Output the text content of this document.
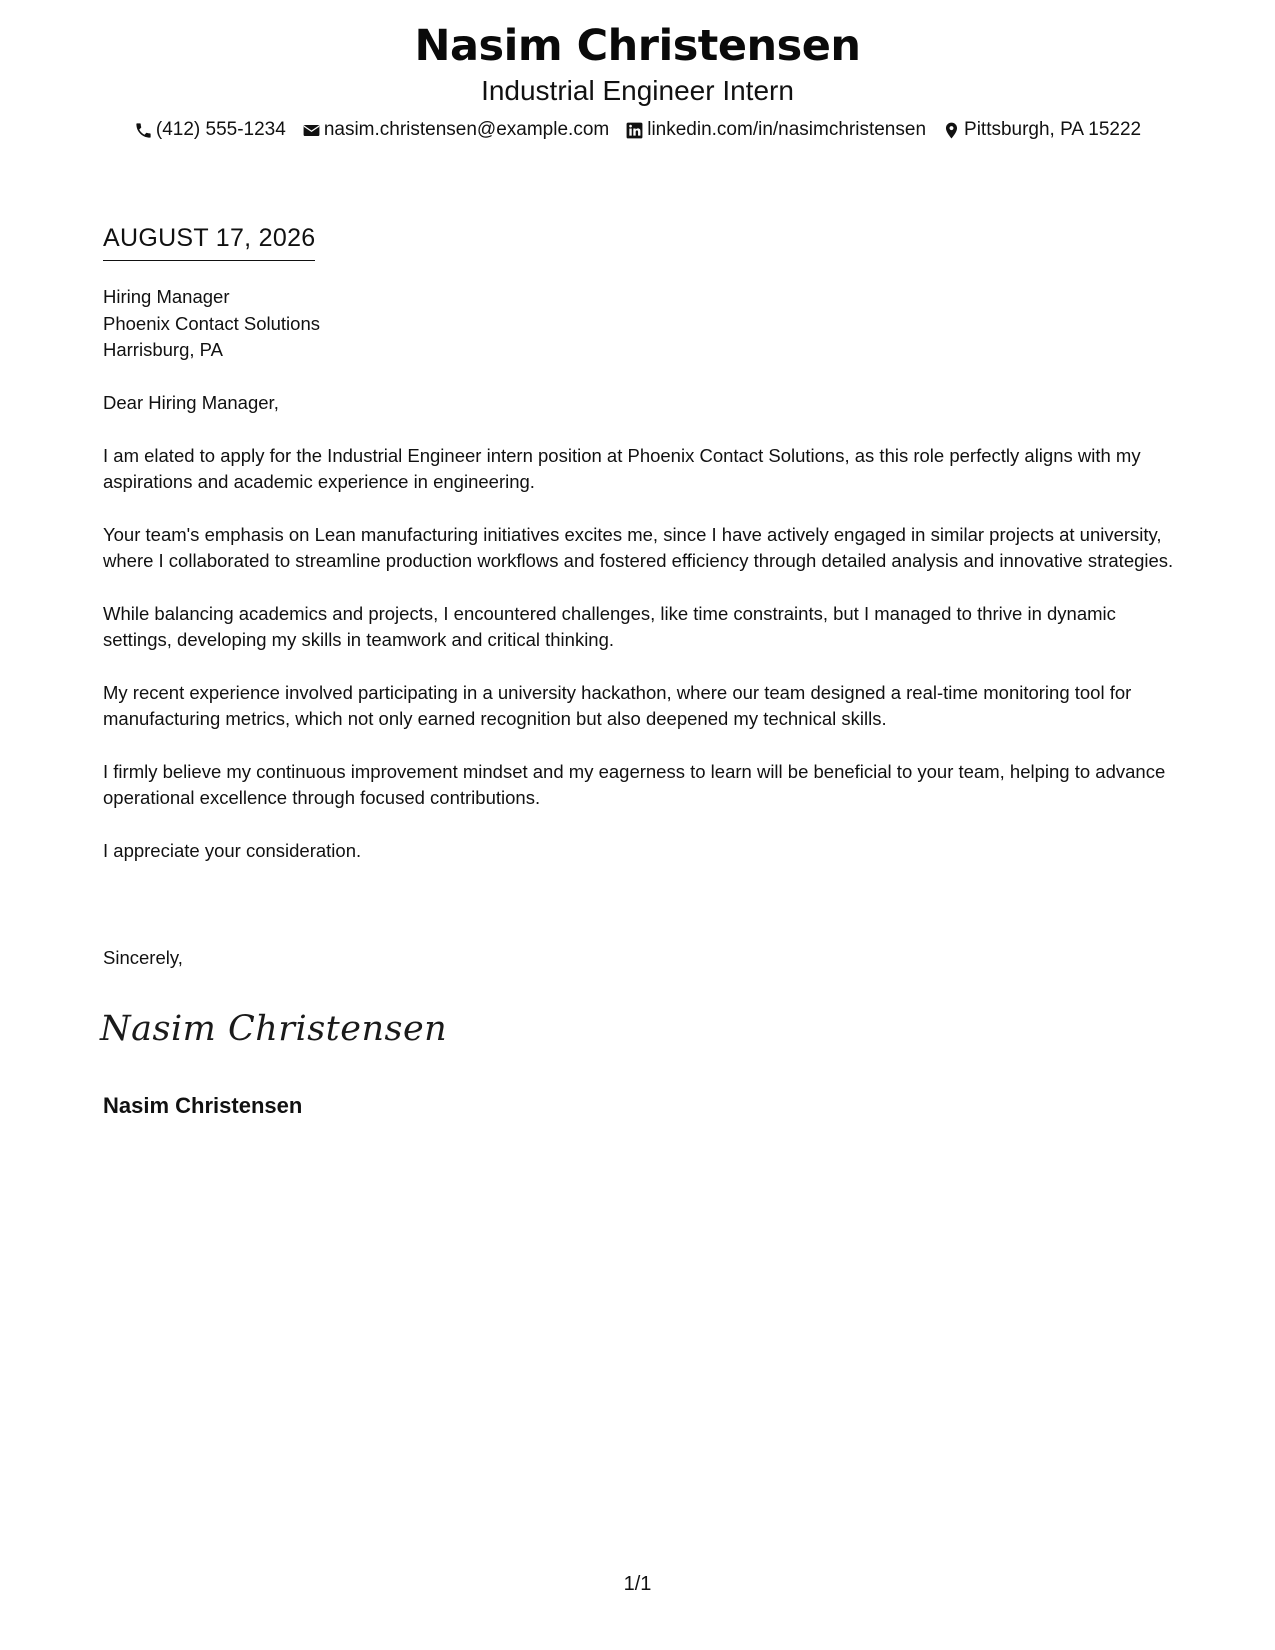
Nasim Christensen
Industrial Engineer Intern
(412) 555-1234 nasim.christensen@example.com linkedin.com/in/nasimchristensen Pittsburgh, PA 15222
AUGUST 17, 2026
Hiring Manager
Phoenix Contact Solutions
Harrisburg, PA

Dear Hiring Manager,

I am elated to apply for the Industrial Engineer intern position at Phoenix Contact Solutions, as this role perfectly aligns with my aspirations and academic experience in engineering.

Your team's emphasis on Lean manufacturing initiatives excites me, since I have actively engaged in similar projects at university, where I collaborated to streamline production workflows and fostered efficiency through detailed analysis and innovative strategies.

While balancing academics and projects, I encountered challenges, like time constraints, but I managed to thrive in dynamic settings, developing my skills in teamwork and critical thinking.

My recent experience involved participating in a university hackathon, where our team designed a real-time monitoring tool for manufacturing metrics, which not only earned recognition but also deepened my technical skills.

I firmly believe my continuous improvement mindset and my eagerness to learn will be beneficial to your team, helping to advance operational excellence through focused contributions.

I appreciate your consideration.

Sincerely,
Nasim Christensen
Nasim Christensen
1/1
